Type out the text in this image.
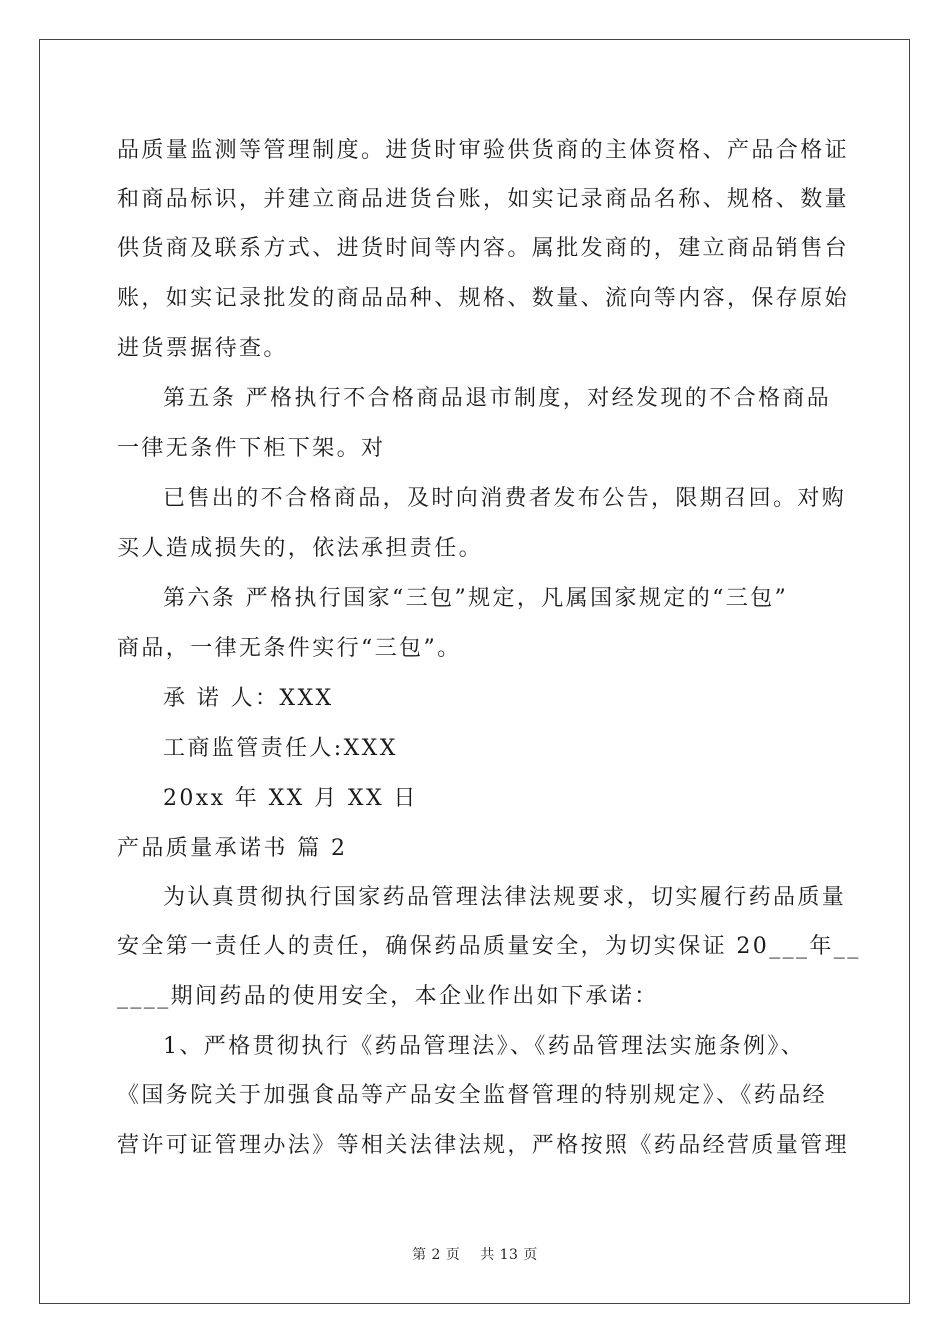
品质量监测等管理制度。进货时审验供货商的主体资格、产品合格证
和商品标识，并建立商品进货台账，如实记录商品名称、规格、数量
供货商及联系方式、进货时间等内容。属批发商的，建立商品销售台
账，如实记录批发的商品品种、规格、数量、流向等内容，保存原始
进货票据待查。
第五条 严格执行不合格商品退市制度，对经发现的不合格商品
一律无条件下柜下架。对
已售出的不合格商品，及时向消费者发布公告，限期召回。对购
买人造成损失的，依法承担责任。
第六条 严格执行国家“三包”规定，凡属国家规定的“三包”
商品，一律无条件实行“三包”。
承 诺 人：XXX
工商监管责任人:XXX
20xx 年 XX 月 XX 日
产品质量承诺书 篇 2
为认真贯彻执行国家药品管理法律法规要求，切实履行药品质量
安全第一责任人的责任，确保药品质量安全，为切实保证 20___年__
____期间药品的使用安全，本企业作出如下承诺：
1、严格贯彻执行《药品管理法》、《药品管理法实施条例》、
《国务院关于加强食品等产品安全监督管理的特别规定》、《药品经
营许可证管理办法》等相关法律法规，严格按照《药品经营质量管理
第 2 页 共 13 页
